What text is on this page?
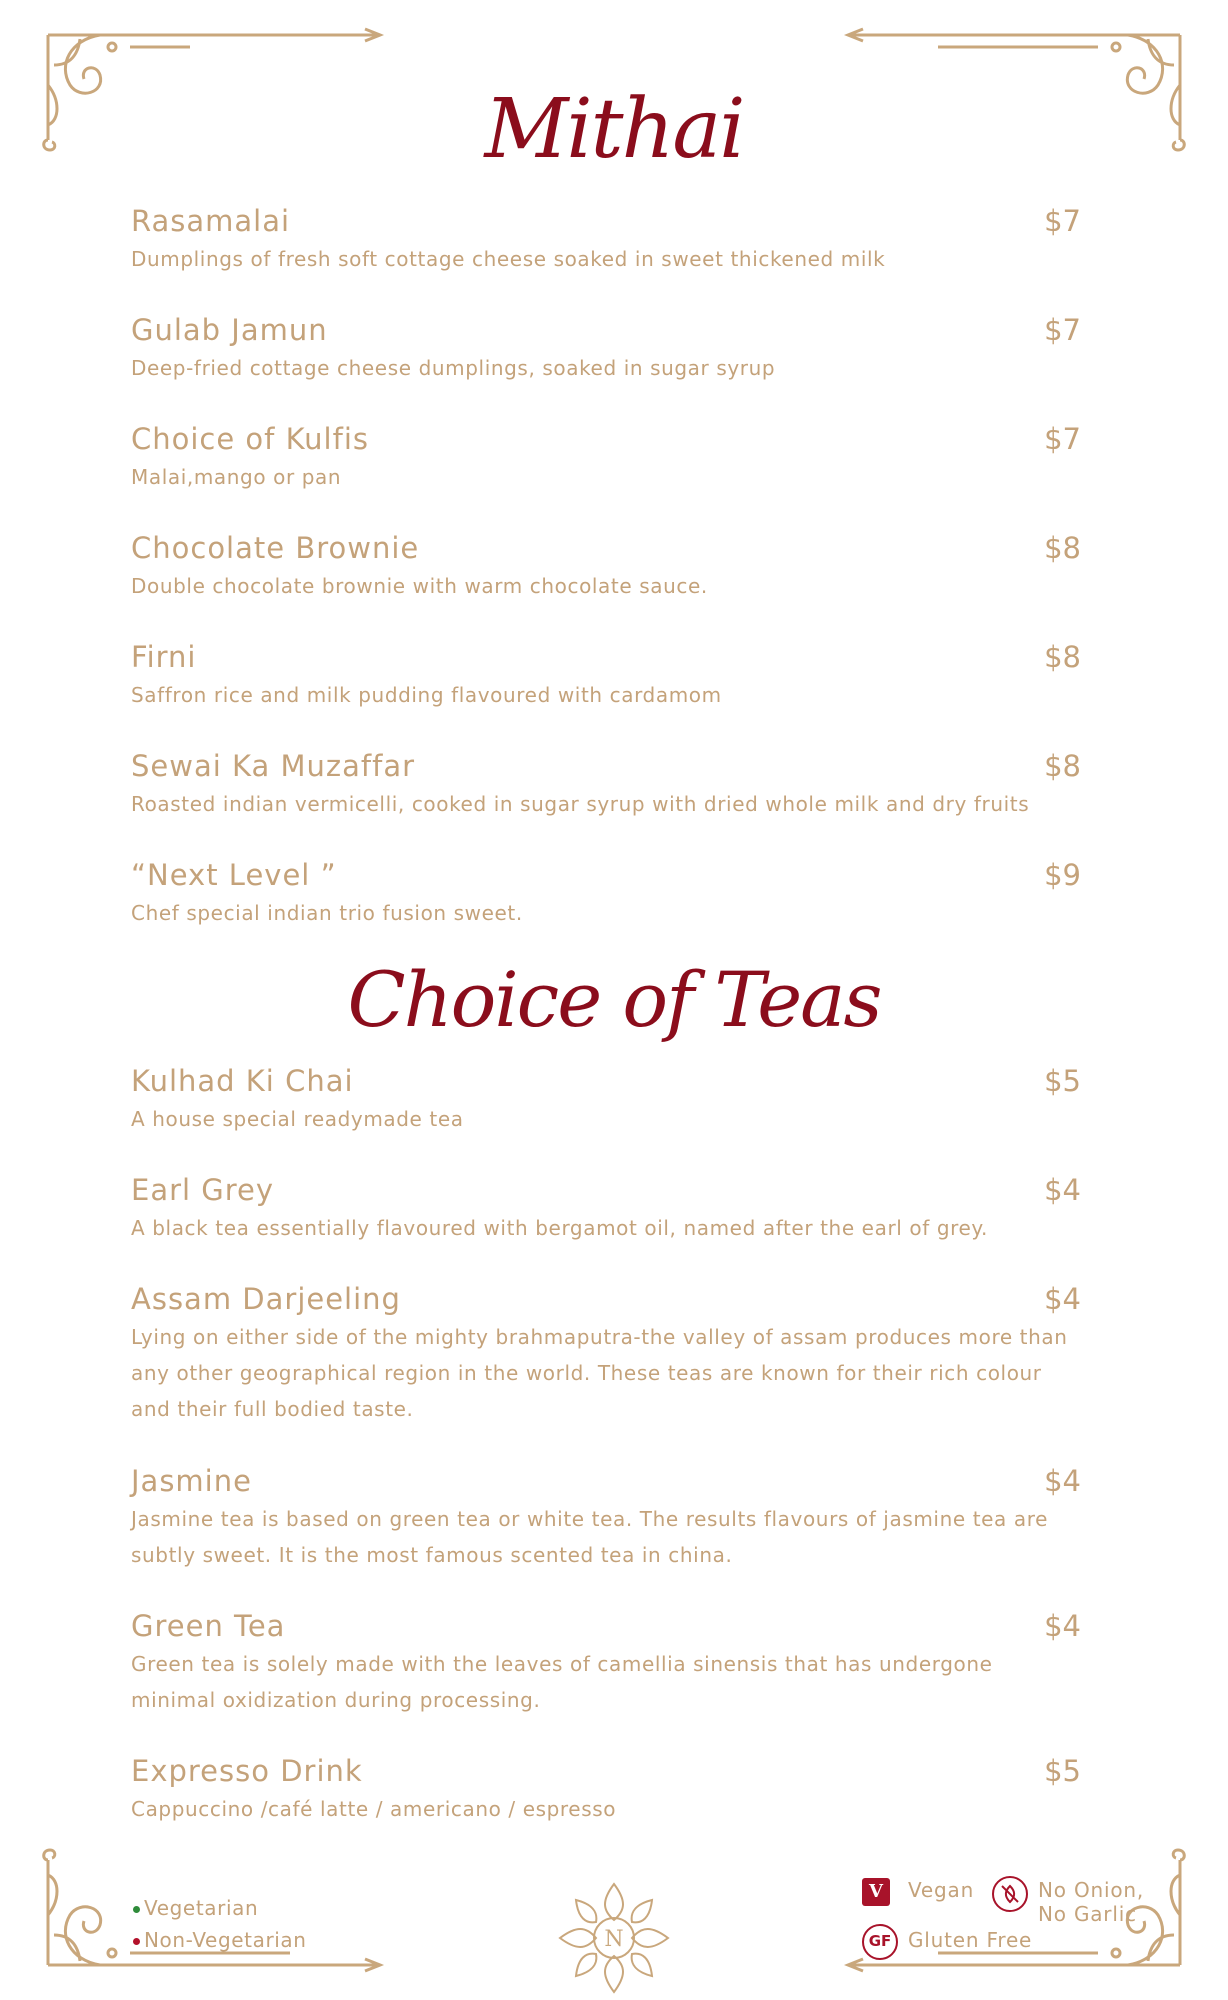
Mithai
Rasamalai	$7
Dumplings of fresh soft cottage cheese soaked in sweet thickened milk
Gulab Jamun	$7
Deep-fried cottage cheese dumplings, soaked in sugar syrup
Choice of Kulfis	$7
Malai,mango or pan
Chocolate Brownie	$8
Double chocolate brownie with warm chocolate sauce.
Firni	$8
Saffron rice and milk pudding flavoured with cardamom
Sewai Ka Muzaffar	$8
Roasted indian vermicelli, cooked in sugar syrup with dried whole milk and dry fruits
“Next Level ”	$9
Chef special indian trio fusion sweet.
Choice of Teas
Kulhad Ki Chai	$5
A house special readymade tea
Earl Grey	$4
A black tea essentially flavoured with bergamot oil, named after the earl of grey.
Assam Darjeeling	$4
Lying on either side of the mighty brahmaputra-the valley of assam produces more than any other geographical region in the world. These teas are known for their rich colour and their full bodied taste.
Jasmine	$4
Jasmine tea is based on green tea or white tea. The results flavours of jasmine tea are subtly sweet. It is the most famous scented tea in china.
Green Tea	$4
Green tea is solely made with the leaves of camellia sinensis that has undergone minimal oxidization during processing.
Expresso Drink	$5
Cappuccino /café latte / americano / espresso
Vegetarian
Non-Vegetarian	N
V	Vegan	No Onion,
No Garlic
GF Gluten Free
